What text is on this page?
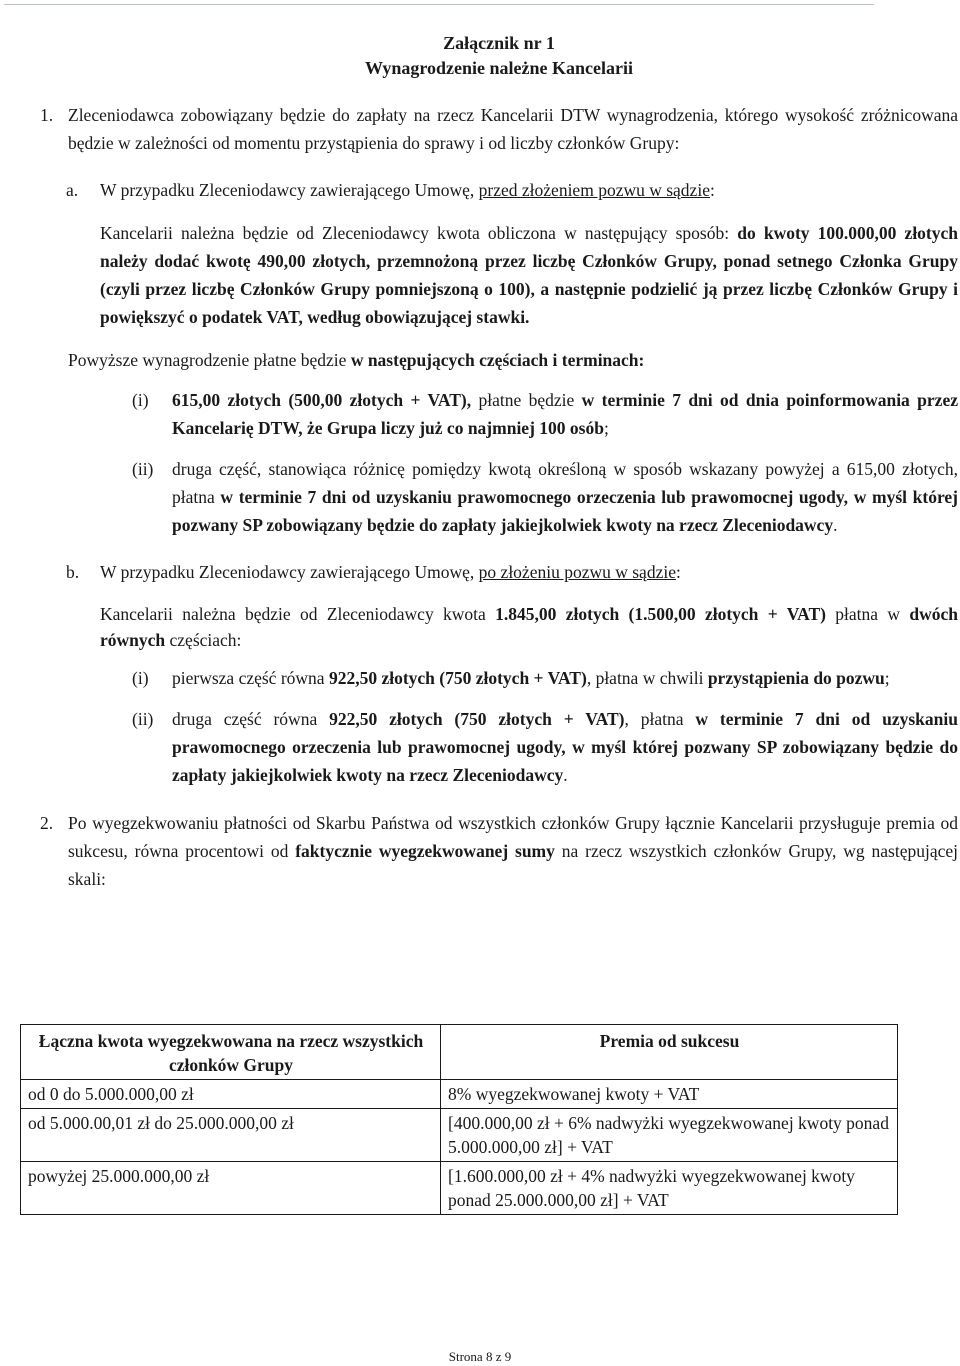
Załącznik nr 1
Wynagrodzenie należne Kancelarii
1. Zleceniodawca zobowiązany będzie do zapłaty na rzecz Kancelarii DTW wynagrodzenia, którego wysokość zróżnicowana będzie w zależności od momentu przystąpienia do sprawy i od liczby członków Grupy:
a.	W przypadku Zleceniodawcy zawierającego Umowę, przed złożeniem pozwu w sądzie:

Kancelarii należna będzie od Zleceniodawcy kwota obliczona w następujący sposób: do kwoty 100.000,00 złotych należy dodać kwotę 490,00 złotych, przemnożoną przez liczbę Członków Grupy, ponad setnego Członka Grupy (czyli przez liczbę Członków Grupy pomniejszoną o 100), a następnie podzielić ją przez liczbę Członków Grupy i powiększyć o podatek VAT, według obowiązującej stawki.

Powyższe wynagrodzenie płatne będzie w następujących częściach i terminach:

(i)	615,00 złotych (500,00 złotych + VAT), płatne będzie w terminie 7 dni od dnia poinformowania przez Kancelarię DTW, że Grupa liczy już co najmniej 100 osób;
(ii)	druga część, stanowiąca różnicę pomiędzy kwotą określoną w sposób wskazany powyżej a 615,00 złotych, płatna w terminie 7 dni od uzyskaniu prawomocnego orzeczenia lub prawomocnej ugody, w myśl której pozwany SP zobowiązany będzie do zapłaty jakiejkolwiek kwoty na rzecz Zleceniodawcy.
b.	W przypadku Zleceniodawcy zawierającego Umowę, po złożeniu pozwu w sądzie:

Kancelarii należna będzie od Zleceniodawcy kwota 1.845,00 złotych (1.500,00 złotych + VAT) płatna w dwóch równych częściach:

(i)	pierwsza część równa 922,50 złotych (750 złotych + VAT), płatna w chwili przystąpienia do pozwu;
(ii)	druga część równa 922,50 złotych (750 złotych + VAT), płatna w terminie 7 dni od uzyskaniu prawomocnego orzeczenia lub prawomocnej ugody, w myśl której pozwany SP zobowiązany będzie do zapłaty jakiejkolwiek kwoty na rzecz Zleceniodawcy.
2. Po wyegzekwowaniu płatności od Skarbu Państwa od wszystkich członków Grupy łącznie Kancelarii przysługuje premia od sukcesu, równa procentowi od faktycznie wyegzekwowanej sumy na rzecz wszystkich członków Grupy, wg następującej skali:
Łączna kwota wyegzekwowana na rzecz wszystkich członków Grupy	Premia od sukcesu
od 0 do 5.000.000,00 zł	8% wyegzekwowanej kwoty + VAT
od 5.000.00,01 zł do 25.000.000,00 zł	[400.000,00 zł + 6% nadwyżki wyegzekwowanej kwoty ponad 5.000.000,00 zł] + VAT
powyżej 25.000.000,00 zł	[1.600.000,00 zł + 4% nadwyżki wyegzekwowanej kwoty ponad 25.000.000,00 zł] + VAT
Strona 8 z 9
